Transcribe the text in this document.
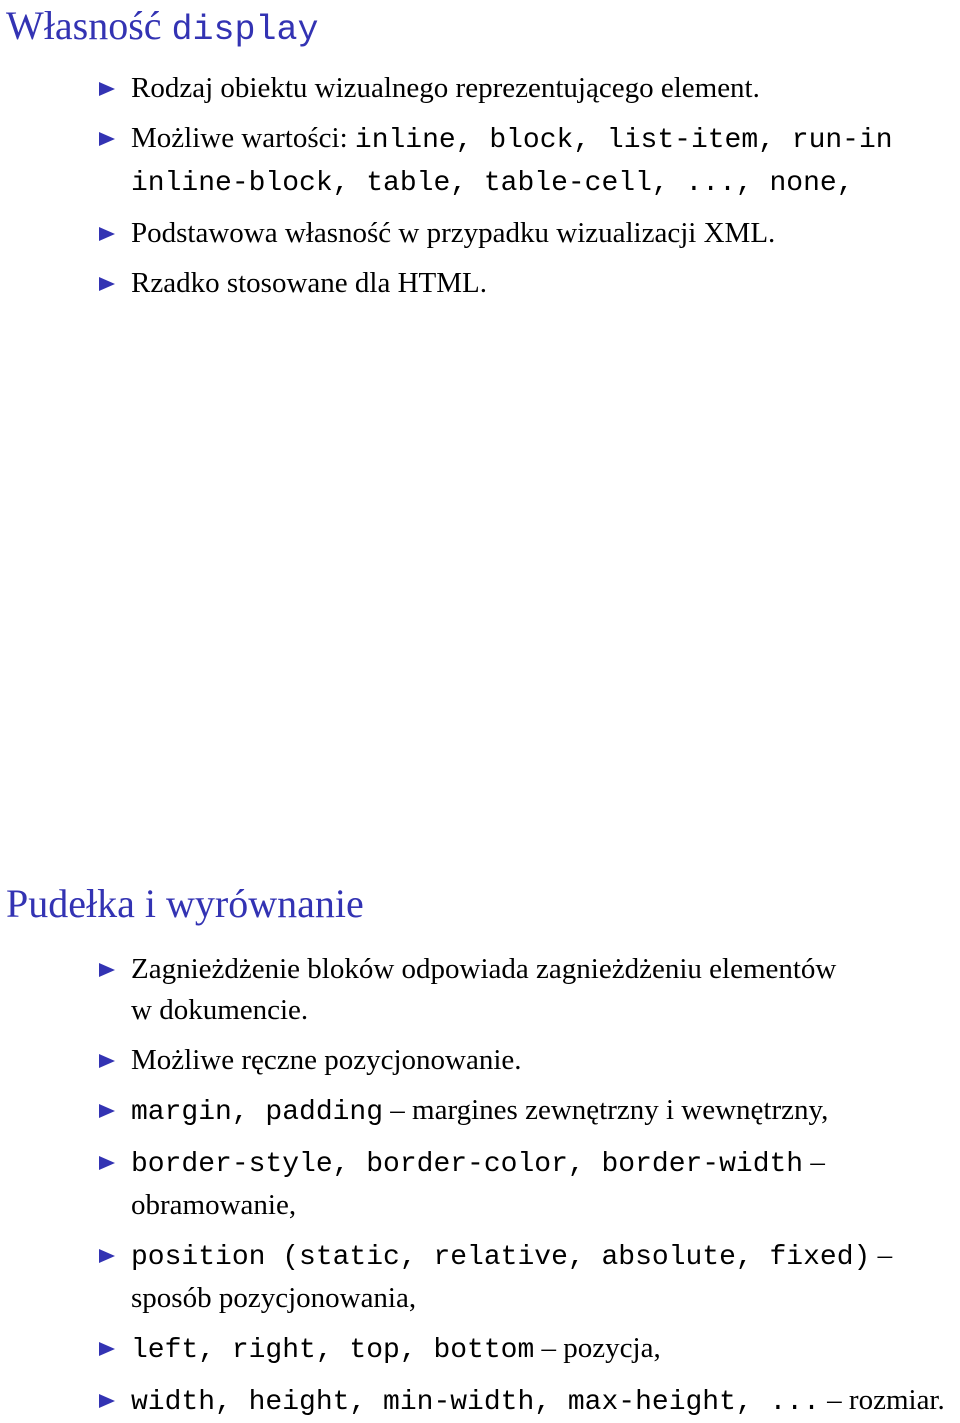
Własność display
Rodzaj obiektu wizualnego reprezentującego element.
Możliwe wartości: inline, block, list-item, run-in
inline-block, table, table-cell, ..., none,
Podstawowa własność w przypadku wizualizacji XML.
Rzadko stosowane dla HTML.
Pudełka i wyrównanie
Zagnieżdżenie bloków odpowiada zagnieżdżeniu elementów
w dokumencie.
Możliwe ręczne pozycjonowanie.
margin, padding – margines zewnętrzny i wewnętrzny,
border-style, border-color, border-width –
obramowanie,
position (static, relative, absolute, fixed) –
sposób pozycjonowania,
left, right, top, bottom – pozycja,
width, height, min-width, max-height, ... – rozmiar.
